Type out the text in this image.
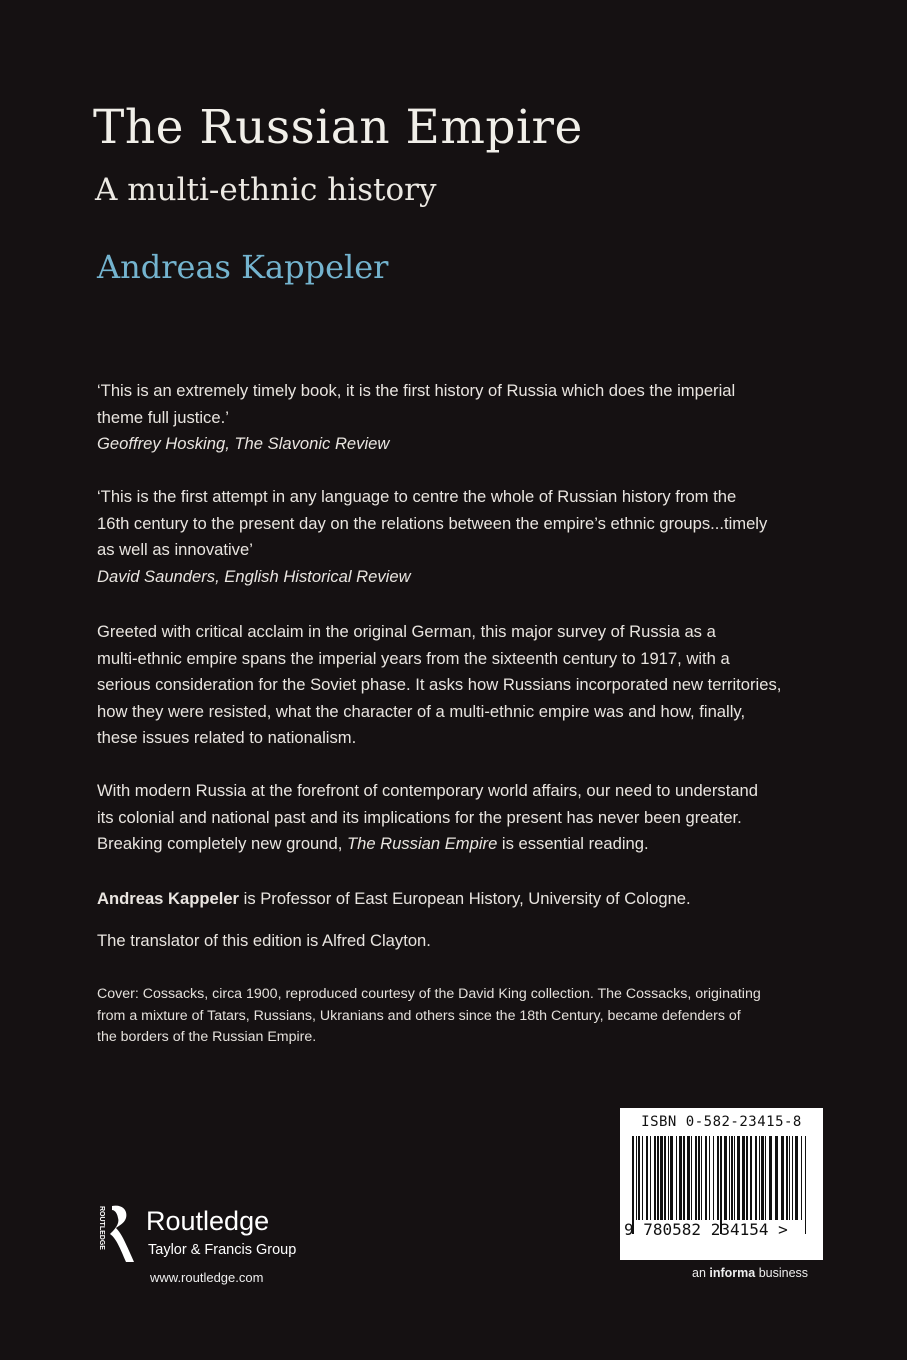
The Russian Empire
A multi-ethnic history
Andreas Kappeler
‘This is an extremely timely book, it is the first history of Russia which does the imperial
theme full justice.’
Geoffrey Hosking, The Slavonic Review
‘This is the first attempt in any language to centre the whole of Russian history from the
16th century to the present day on the relations between the empire’s ethnic groups...timely
as well as innovative’
David Saunders, English Historical Review
Greeted with critical acclaim in the original German, this major survey of Russia as a
multi-ethnic empire spans the imperial years from the sixteenth century to 1917, with a
serious consideration for the Soviet phase. It asks how Russians incorporated new territories,
how they were resisted, what the character of a multi-ethnic empire was and how, finally,
these issues related to nationalism.
With modern Russia at the forefront of contemporary world affairs, our need to understand
its colonial and national past and its implications for the present has never been greater.
Breaking completely new ground, The Russian Empire is essential reading.
Andreas Kappeler is Professor of East European History, University of Cologne.
The translator of this edition is Alfred Clayton.
Cover: Cossacks, circa 1900, reproduced courtesy of the David King collection. The Cossacks, originating
from a mixture of Tatars, Russians, Ukranians and others since the 18th Century, became defenders of
the borders of the Russian Empire.
ROUTLEDGE Routledge
Taylor & Francis Group
www.routledge.com
ISBN 0-582-23415-8
9 780582 234154 >
an informa business
